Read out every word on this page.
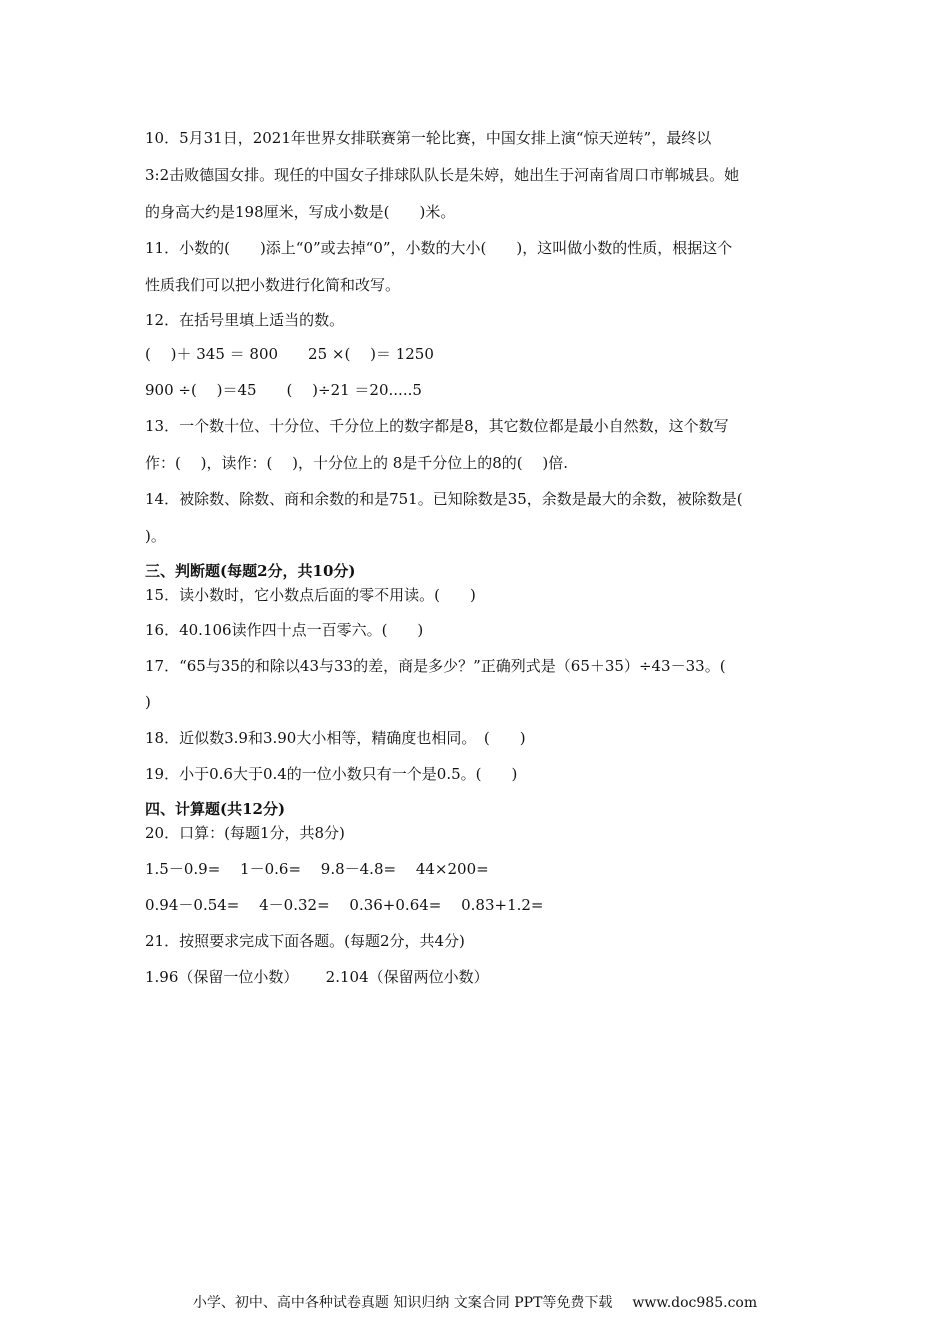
10．5月31日，2021年世界女排联赛第一轮比赛，中国女排上演“惊天逆转”，最终以
3:2击败德国女排。现任的中国女子排球队队长是朱婷，她出生于河南省周口市郸城县。她
的身高大约是198厘米，写成小数是(　　)米。
11．小数的(　　)添上“0”或去掉“0”，小数的大小(　　)，这叫做小数的性质，根据这个
性质我们可以把小数进行化简和改写。
12．在括号里填上适当的数。
(　 )＋ 345 ＝ 800　　25 ×(　 )＝ 1250
900 ÷(　 )＝45　　(　 )÷21 ＝20.....5
13．一个数十位、十分位、千分位上的数字都是8，其它数位都是最小自然数，这个数写
作：(　 )，读作：(　 )，十分位上的 8是千分位上的8的(　 )倍.
14．被除数、除数、商和余数的和是751。已知除数是35，余数是最大的余数，被除数是(
)。
三、判断题(每题2分，共10分)
15．读小数时，它小数点后面的零不用读。(　　)
16．40.106读作四十点一百零六。(　　)
17．“65与35的和除以43与33的差，商是多少？”正确列式是（65＋35）÷43－33。(
)
18．近似数3.9和3.90大小相等，精确度也相同。　(　　)
19．小于0.6大于0.4的一位小数只有一个是0.5。(　　)
四、计算题(共12分)
20．口算：(每题1分，共8分)
1.5－0.9=　 1－0.6=　 9.8－4.8=　 44×200=
0.94－0.54=　 4－0.32=　 0.36+0.64=　 0.83+1.2=
21．按照要求完成下面各题。(每题2分，共4分)
1.96（保留一位小数）　　 2.104（保留两位小数）
小学、初中、高中各种试卷真题 知识归纳 文案合同 PPT等免费下载 www.doc985.com
